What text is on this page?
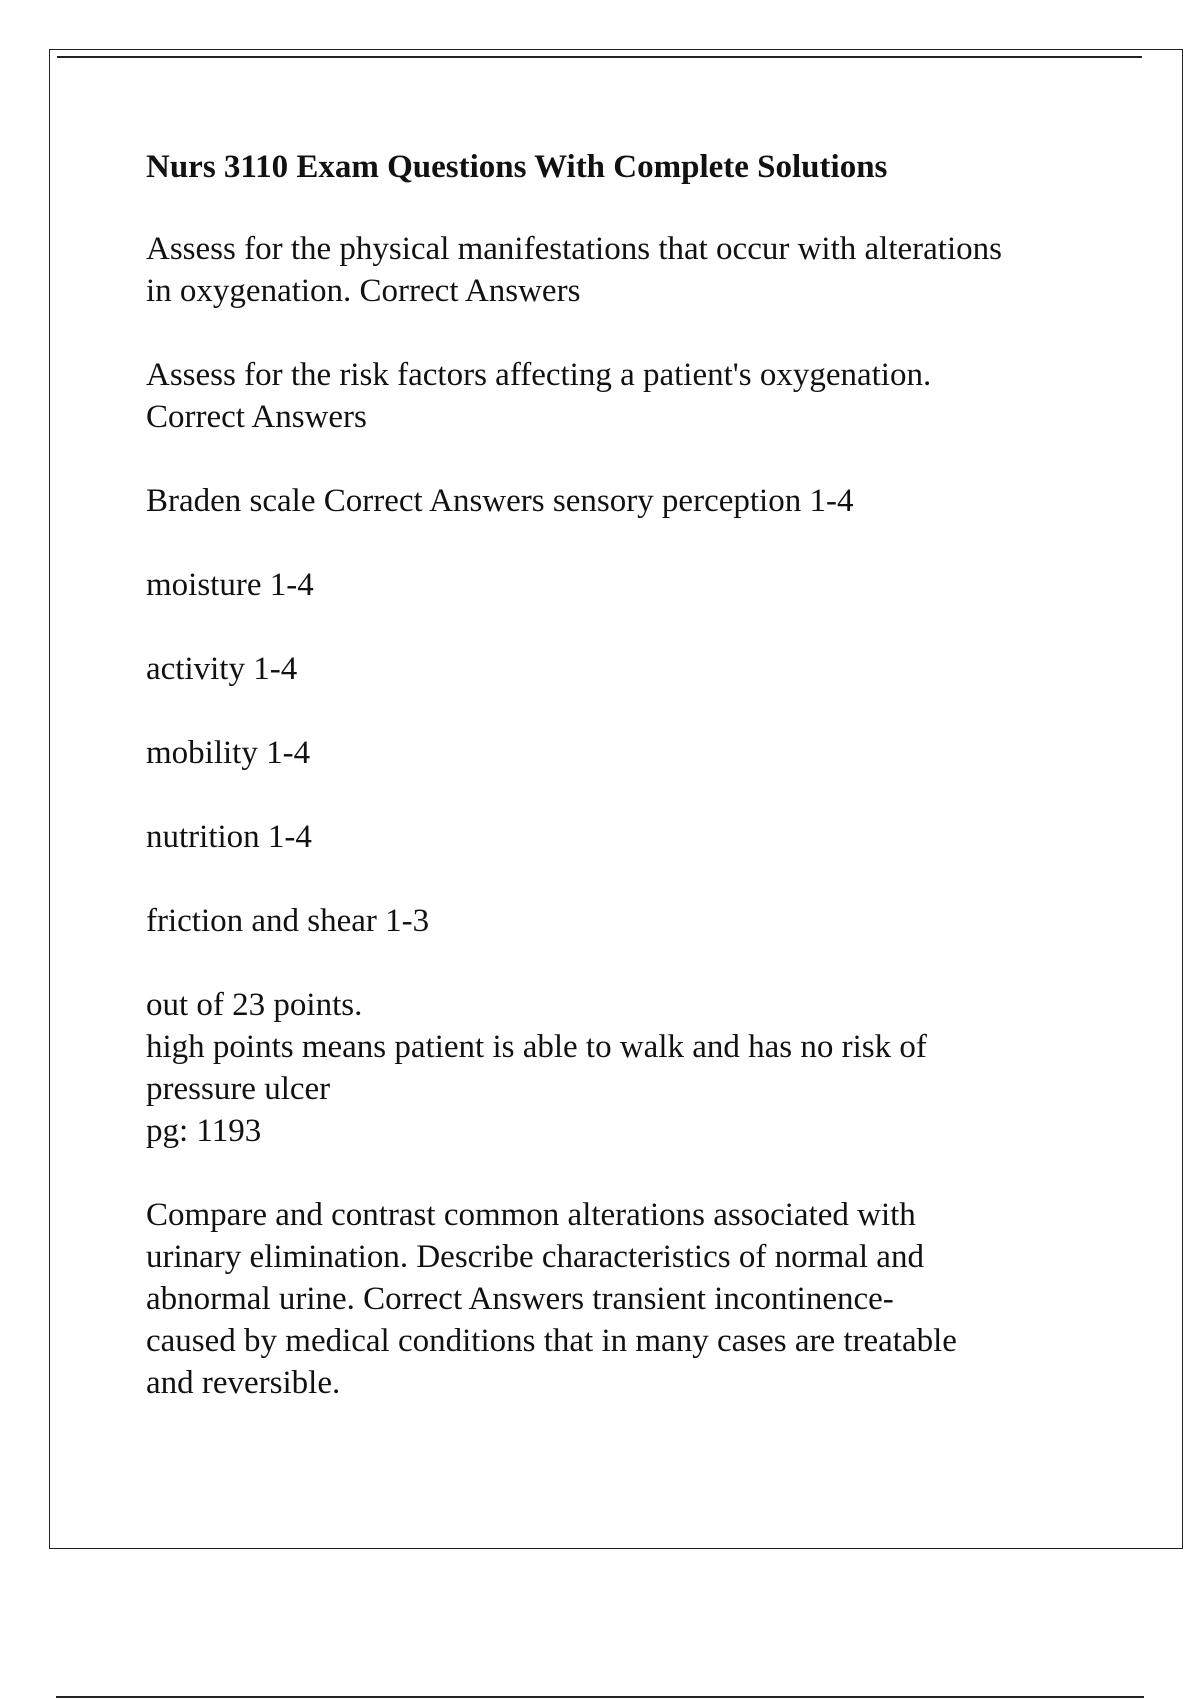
Nurs 3110 Exam Questions With Complete Solutions
Assess for the physical manifestations that occur with alterations
in oxygenation. Correct Answers
Assess for the risk factors affecting a patient's oxygenation.
Correct Answers
Braden scale Correct Answers sensory perception 1-4
moisture 1-4
activity 1-4
mobility 1-4
nutrition 1-4
friction and shear 1-3
out of 23 points.
high points means patient is able to walk and has no risk of
pressure ulcer
pg: 1193
Compare and contrast common alterations associated with
urinary elimination. Describe characteristics of normal and
abnormal urine. Correct Answers transient incontinence-
caused by medical conditions that in many cases are treatable
and reversible.
